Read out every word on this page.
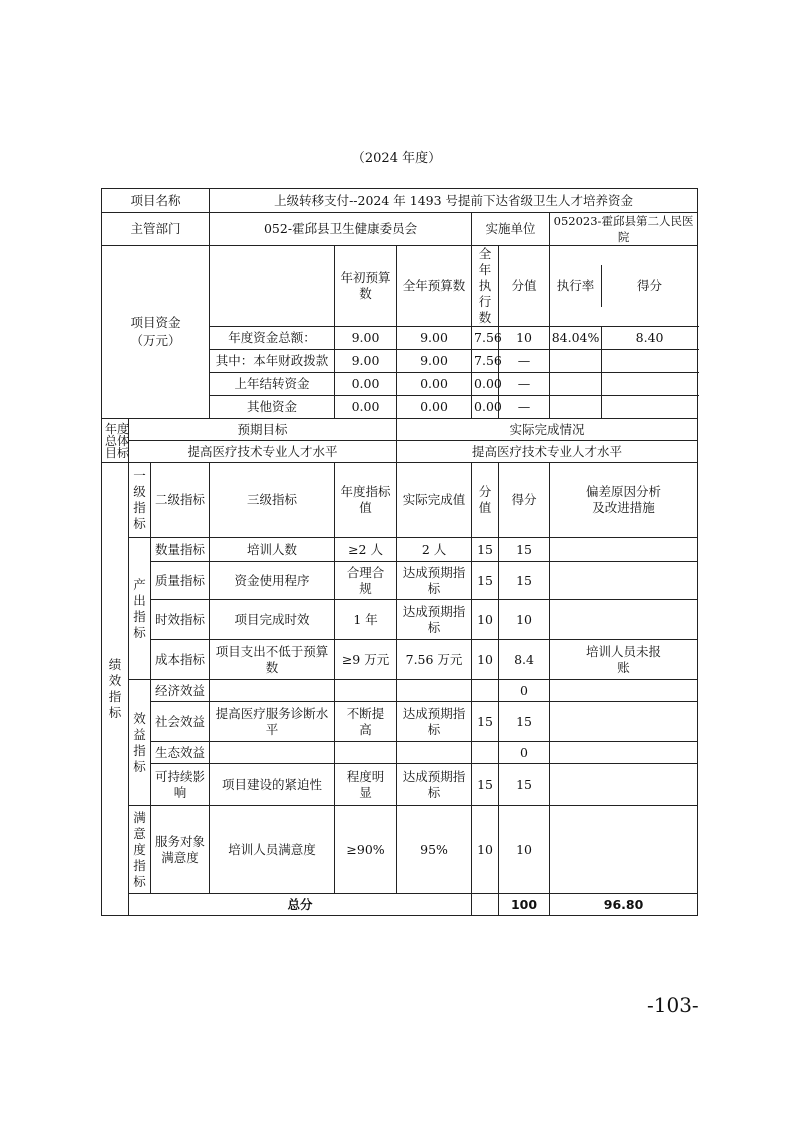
（2024 年度）
项目名称			上级转移支付--2024 年 1493 号提前下达省级卫生人才培养资金						
主管部门			052-霍邱县卫生健康委员会			实施单位		052023-霍邱县第二人民医院	
项目资金（万元）				年初预算数	全年预算数	全年执行数	分值	执行率 得分	

			年度资金总额：	9.00	9.00	7.56	10	84.04% 8.40	

			其中：本年财政拨款	9.00	9.00	7.56	—		

			上年结转资金	0.00	0.00	0.00	—		

			其他资金	0.00	0.00	0.00	—		

年度总体目标	预期目标				实际完成情况				
	提高医疗技术专业人才水平				提高医疗技术专业人才水平				
绩效指标	一级指标	二级指标	三级指标	年度指标值	实际完成值	分值	得分	偏差原因分析及改进措施	
	产出指标	数量指标	培训人数	≥2 人	2 人	15	15		
		质量指标	资金使用程序	合理合规	达成预期指标	15	15		
		时效指标	项目完成时效	1 年	达成预期指标	10	10		
		成本指标	项目支出不低于预算数	≥9 万元	7.56 万元	10	8.4	培训人员未报账	
	效益指标	经济效益					0		
		社会效益	提高医疗服务诊断水平	不断提高	达成预期指标	15	15		
		生态效益					0		
		可持续影响	项目建设的紧迫性	程度明显	达成预期指标	15	15		
	满意度指标	服务对象满意度	培训人员满意度	≥90%	95%	10	10		
	总分						100	96.80	
-103-
